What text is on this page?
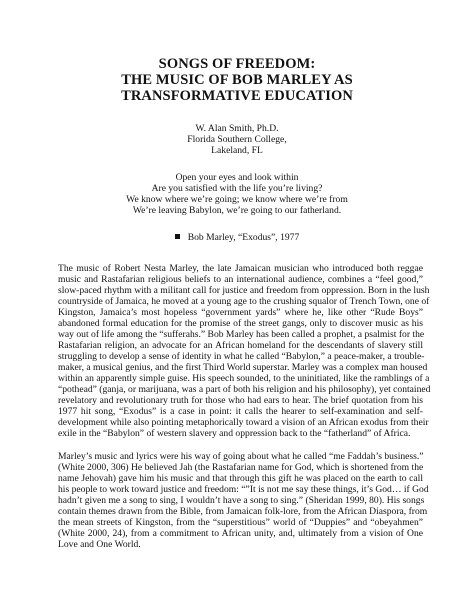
SONGS OF FREEDOM:
THE MUSIC OF BOB MARLEY AS
TRANSFORMATIVE EDUCATION
W. Alan Smith, Ph.D.
Florida Southern College,
Lakeland, FL
Open your eyes and look within
Are you satisfied with the life you’re living?
We know where we’re going; we know where we’re from
We’re leaving Babylon, we’re going to our fatherland.
Bob Marley, “Exodus”, 1977
The music of Robert Nesta Marley, the late Jamaican musician who introduced both reggae
music and Rastafarian religious beliefs to an international audience, combines a “feel good,”
slow-paced rhythm with a militant call for justice and freedom from oppression. Born in the lush
countryside of Jamaica, he moved at a young age to the crushing squalor of Trench Town, one of
Kingston, Jamaica’s most hopeless “government yards” where he, like other “Rude Boys”
abandoned formal education for the promise of the street gangs, only to discover music as his
way out of life among the “sufferahs.” Bob Marley has been called a prophet, a psalmist for the
Rastafarian religion, an advocate for an African homeland for the descendants of slavery still
struggling to develop a sense of identity in what he called “Babylon,” a peace-maker, a trouble-
maker, a musical genius, and the first Third World superstar. Marley was a complex man housed
within an apparently simple guise. His speech sounded, to the uninitiated, like the ramblings of a
“pothead” (ganja, or marijuana, was a part of both his religion and his philosophy), yet contained
revelatory and revolutionary truth for those who had ears to hear. The brief quotation from his
1977 hit song, “Exodus” is a case in point: it calls the hearer to self-examination and self-
development while also pointing metaphorically toward a vision of an African exodus from their
exile in the “Babylon” of western slavery and oppression back to the “fatherland” of Africa.
Marley’s music and lyrics were his way of going about what he called “me Faddah’s business.”
(White 2000, 306) He believed Jah (the Rastafarian name for God, which is shortened from the
name Jehovah) gave him his music and that through this gift he was placed on the earth to call
his people to work toward justice and freedom: “”It is not me say these things, it’s God… if God
hadn’t given me a song to sing, I wouldn’t have a song to sing.” (Sheridan 1999, 80). His songs
contain themes drawn from the Bible, from Jamaican folk-lore, from the African Diaspora, from
the mean streets of Kingston, from the “superstitious” world of “Duppies” and “obeyahmen”
(White 2000, 24), from a commitment to African unity, and, ultimately from a vision of One
Love and One World.
